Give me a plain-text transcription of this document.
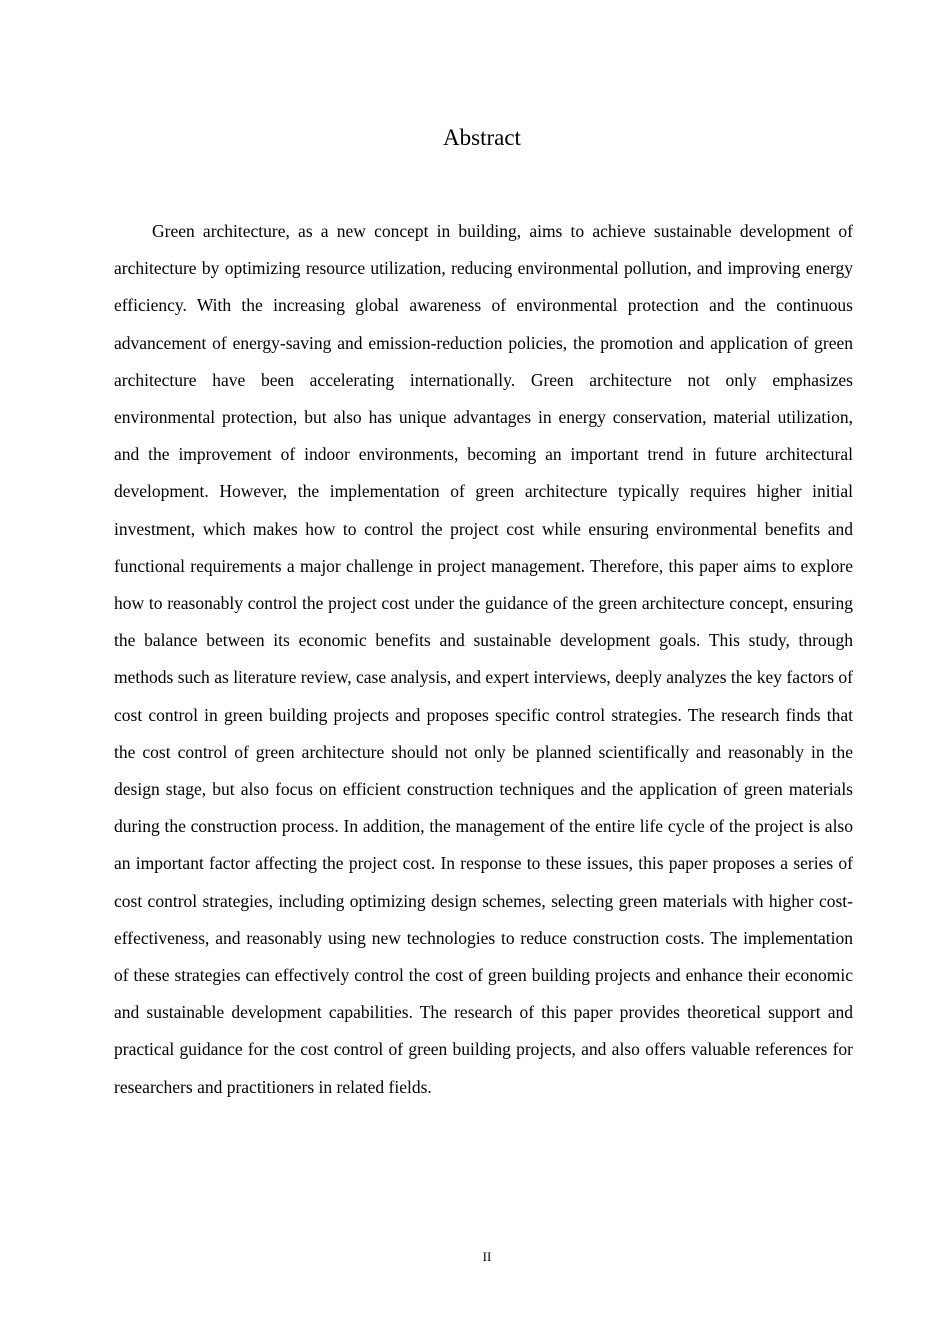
Abstract

Green architecture, as a new concept in building, aims to achieve sustainable development of architecture by optimizing resource utilization, reducing environmental pollution, and improving energy efficiency. With the increasing global awareness of environmental protection and the continuous advancement of energy-saving and emission-reduction policies, the promotion and application of green architecture have been accelerating internationally. Green architecture not only emphasizes environmental protection, but also has unique advantages in energy conservation, material utilization, and the improvement of indoor environments, becoming an important trend in future architectural development. However, the implementation of green architecture typically requires higher initial investment, which makes how to control the project cost while ensuring environmental benefits and functional requirements a major challenge in project management. Therefore, this paper aims to explore how to reasonably control the project cost under the guidance of the green architecture concept, ensuring the balance between its economic benefits and sustainable development goals. This study, through methods such as literature review, case analysis, and expert interviews, deeply analyzes the key factors of cost control in green building projects and proposes specific control strategies. The research finds that the cost control of green architecture should not only be planned scientifically and reasonably in the design stage, but also focus on efficient construction techniques and the application of green materials during the construction process. In addition, the management of the entire life cycle of the project is also an important factor affecting the project cost. In response to these issues, this paper proposes a series of cost control strategies, including optimizing design schemes, selecting green materials with higher cost-effectiveness, and reasonably using new technologies to reduce construction costs. The implementation of these strategies can effectively control the cost of green building projects and enhance their economic and sustainable development capabilities. The research of this paper provides theoretical support and practical guidance for the cost control of green building projects, and also offers valuable references for researchers and practitioners in related fields.

II
